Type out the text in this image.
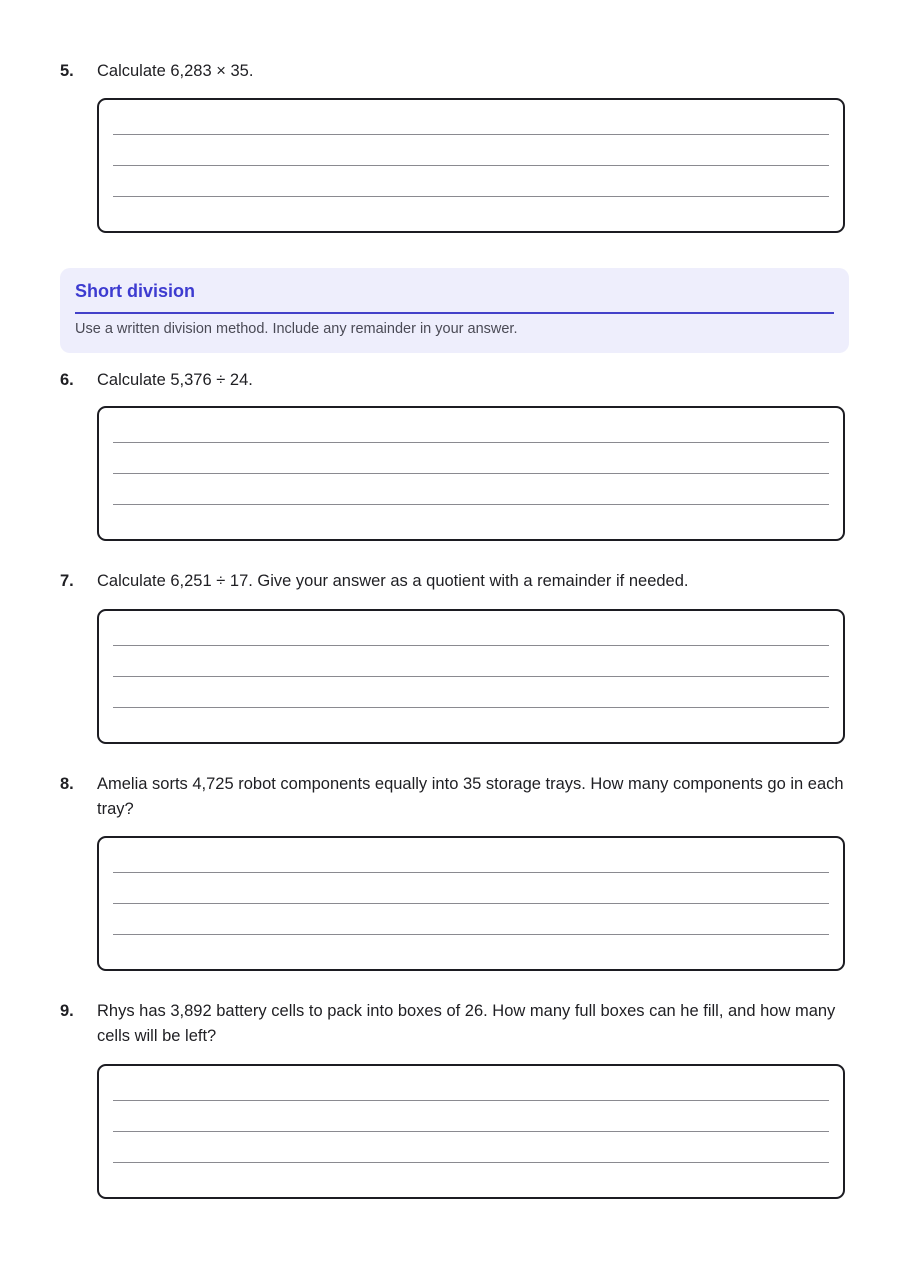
5.	Calculate 6,283 × 35.
Short division
Use a written division method. Include any remainder in your answer.
6.	Calculate 5,376 ÷ 24.
7.	Calculate 6,251 ÷ 17. Give your answer as a quotient with a remainder if needed.
8.	Amelia sorts 4,725 robot components equally into 35 storage trays. How many components go in each tray?
9.	Rhys has 3,892 battery cells to pack into boxes of 26. How many full boxes can he fill, and how many cells will be left?
